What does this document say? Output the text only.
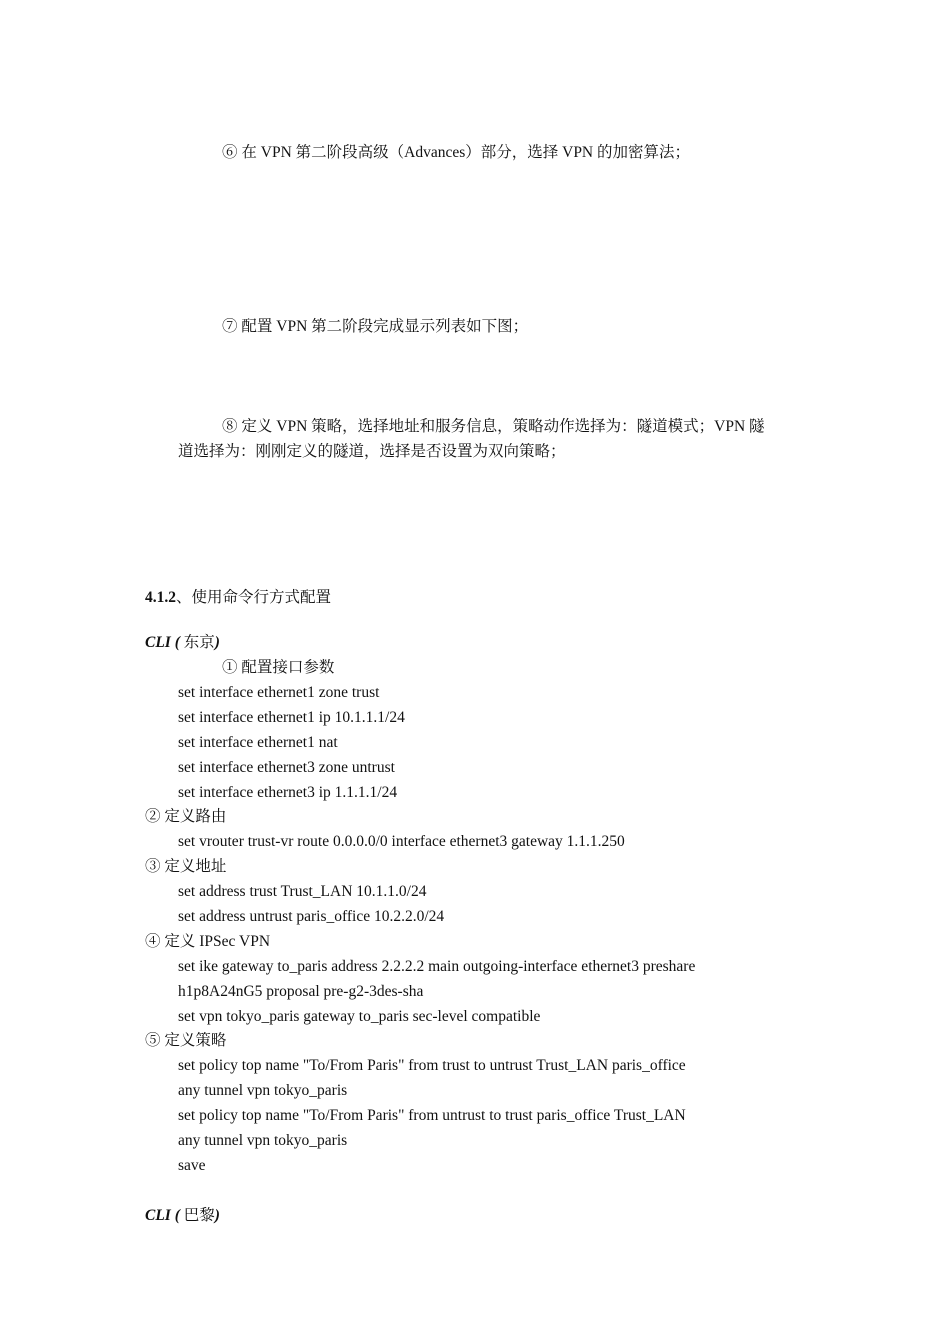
⑥ 在 VPN 第二阶段高级（Advances）部分，选择 VPN 的加密算法；
⑦ 配置 VPN 第二阶段完成显示列表如下图；
⑧ 定义 VPN 策略，选择地址和服务信息，策略动作选择为：隧道模式；VPN 隧
道选择为：刚刚定义的隧道，选择是否设置为双向策略；
4.1.2、使用命令行方式配置
CLI ( 东京)
① 配置接口参数
set interface ethernet1 zone trust
set interface ethernet1 ip 10.1.1.1/24
set interface ethernet1 nat
set interface ethernet3 zone untrust
set interface ethernet3 ip 1.1.1.1/24
② 定义路由
set vrouter trust-vr route 0.0.0.0/0 interface ethernet3 gateway 1.1.1.250
③ 定义地址
set address trust Trust_LAN 10.1.1.0/24
set address untrust paris_office 10.2.2.0/24
④ 定义 IPSec VPN
set ike gateway to_paris address 2.2.2.2 main outgoing-interface ethernet3 preshare
h1p8A24nG5 proposal pre-g2-3des-sha
set vpn tokyo_paris gateway to_paris sec-level compatible
⑤ 定义策略
set policy top name "To/From Paris" from trust to untrust Trust_LAN paris_office
any tunnel vpn tokyo_paris
set policy top name "To/From Paris" from untrust to trust paris_office Trust_LAN
any tunnel vpn tokyo_paris
save
CLI ( 巴黎)
